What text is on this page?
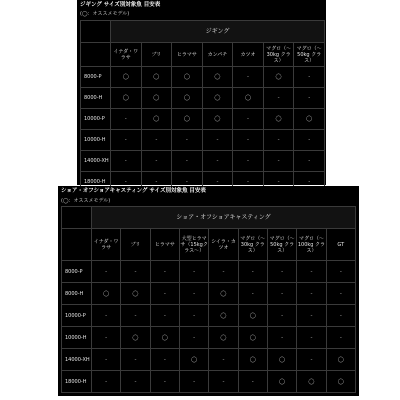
ジギング サイズ別対象魚 目安表
(◯：オススメモデル)
	ジギング						
	イナダ・ワラサ	ブリ	ヒラマサ	カンパチ	カツオ	マグロ（〜30kg クラス）	マグロ（〜50kg クラス）
8000-P	◯	◯	◯	◯	-	◯	-
8000-H	◯	◯	◯	◯	◯	-	-
10000-P	-	◯	◯	◯	-	◯	◯
10000-H	-	-	-	-	-	-	-
14000-XH	-	-	-	-	-	-	-
18000-H	-	-	-	-	-	-	-
ショア・オフショアキャスティング サイズ別対象魚 目安表
(◯：オススメモデル)
	ショア・オフショアキャスティング								
	イナダ・ワラサ	ブリ	ヒラマサ	大型ヒラマサ（15kgクラス〜）	シイラ・カツオ	マグロ（〜30kg クラス）	マグロ（〜50kg クラス）	マグロ（〜100kg クラス）	GT
8000-P	-	-	-	-	-	-	-	-	-
8000-H	◯	◯	-	-	◯	-	-	-	-
10000-P	-	-	-	-	◯	◯	-	-	-
10000-H	-	◯	◯	-	◯	◯	-	-	-
14000-XH	-	-	-	◯	-	◯	◯	-	◯
18000-H	-	-	-	-	-	-	◯	◯	◯
